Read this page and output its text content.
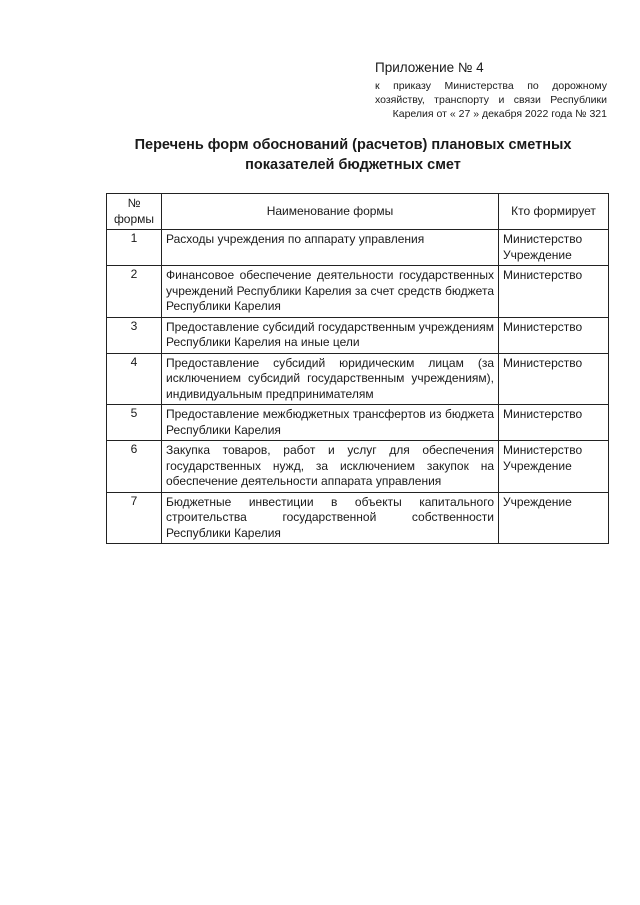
Приложение № 4

к приказу Министерства по дорожному хозяйству, транспорту и связи Республики Карелия от « 27 » декабря 2022 года № 321

Перечень форм обоснований (расчетов) плановых сметных
показателей бюджетных смет
№ формы	Наименование формы	Кто формирует
1	Расходы учреждения по аппарату управления	Министерство
Учреждение

2	Финансовое обеспечение деятельности государственных учреждений Республики Карелия за счет средств бюджета Республики Карелия	Министерство

3	Предоставление субсидий государственным учреждениям Республики Карелия на иные цели	Министерство

4	Предоставление субсидий юридическим лицам (за исключением субсидий государственным учреждениям), индивидуальным предпринимателям	Министерство

5	Предоставление межбюджетных трансфертов из бюджета Республики Карелия	Министерство

6	Закупка товаров, работ и услуг для обеспечения государственных нужд, за исключением закупок на обеспечение деятельности аппарата управления	Министерство
Учреждение

7	Бюджетные инвестиции в объекты капитального строительства государственной собственности Республики Карелия	Учреждение
